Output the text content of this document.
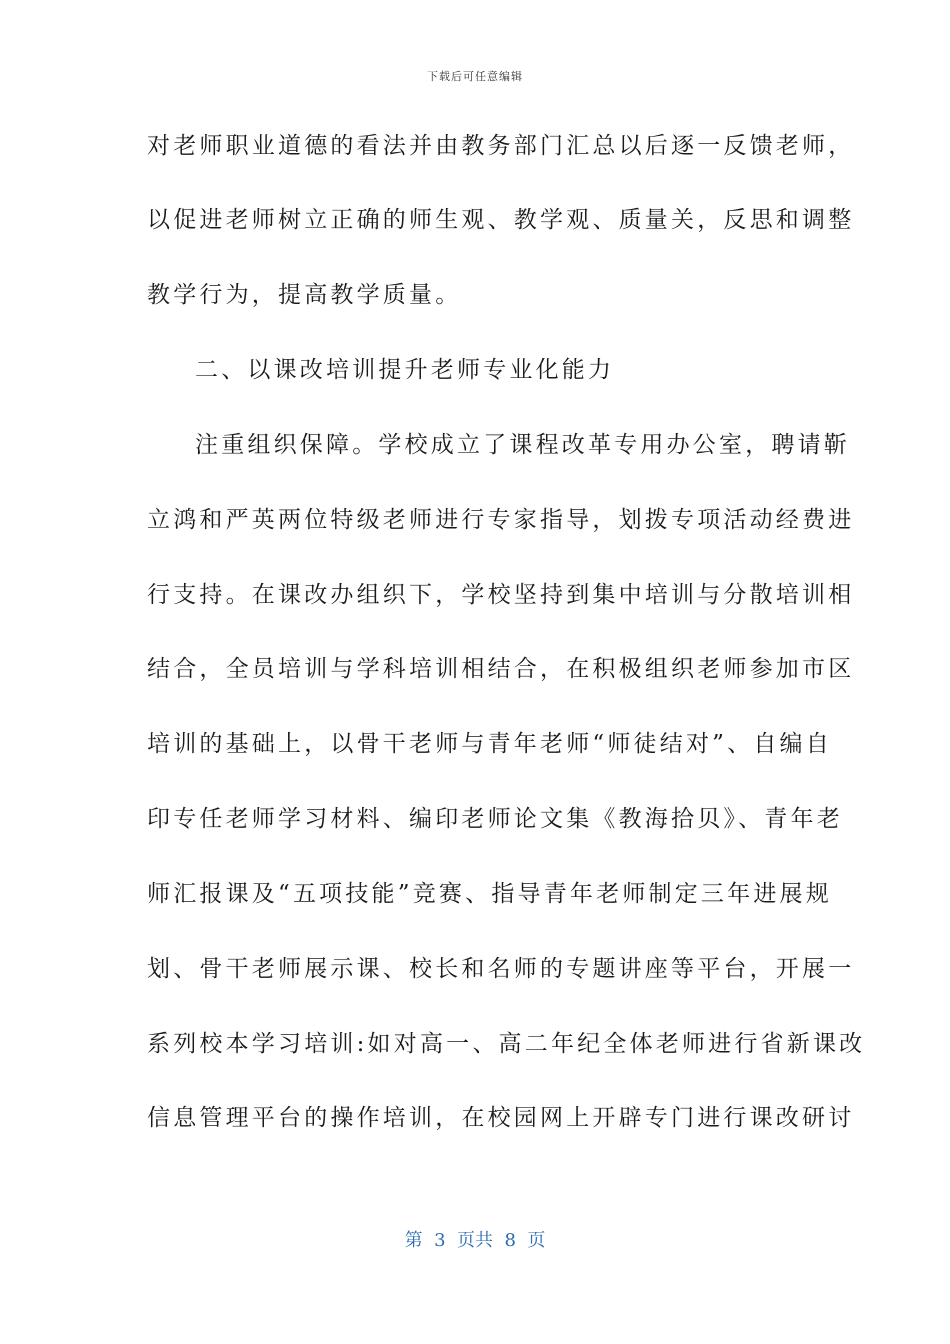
下载后可任意编辑
对老师职业道德的看法并由教务部门汇总以后逐一反馈老师，
以促进老师树立正确的师生观、教学观、质量关，反思和调整
教学行为，提高教学质量。
二、以课改培训提升老师专业化能力
注重组织保障。学校成立了课程改革专用办公室，聘请靳
立鸿和严英两位特级老师进行专家指导，划拨专项活动经费进
行支持。在课改办组织下，学校坚持到集中培训与分散培训相
结合，全员培训与学科培训相结合，在积极组织老师参加市区
培训的基础上，以骨干老师与青年老师“师徒结对”、自编自
印专任老师学习材料、编印老师论文集《教海拾贝》、青年老
师汇报课及“五项技能”竞赛、指导青年老师制定三年进展规
划、骨干老师展示课、校长和名师的专题讲座等平台，开展一
系列校本学习培训:如对高一、高二年纪全体老师进行省新课改
信息管理平台的操作培训，在校园网上开辟专门进行课改研讨
第  3  页共  8  页
